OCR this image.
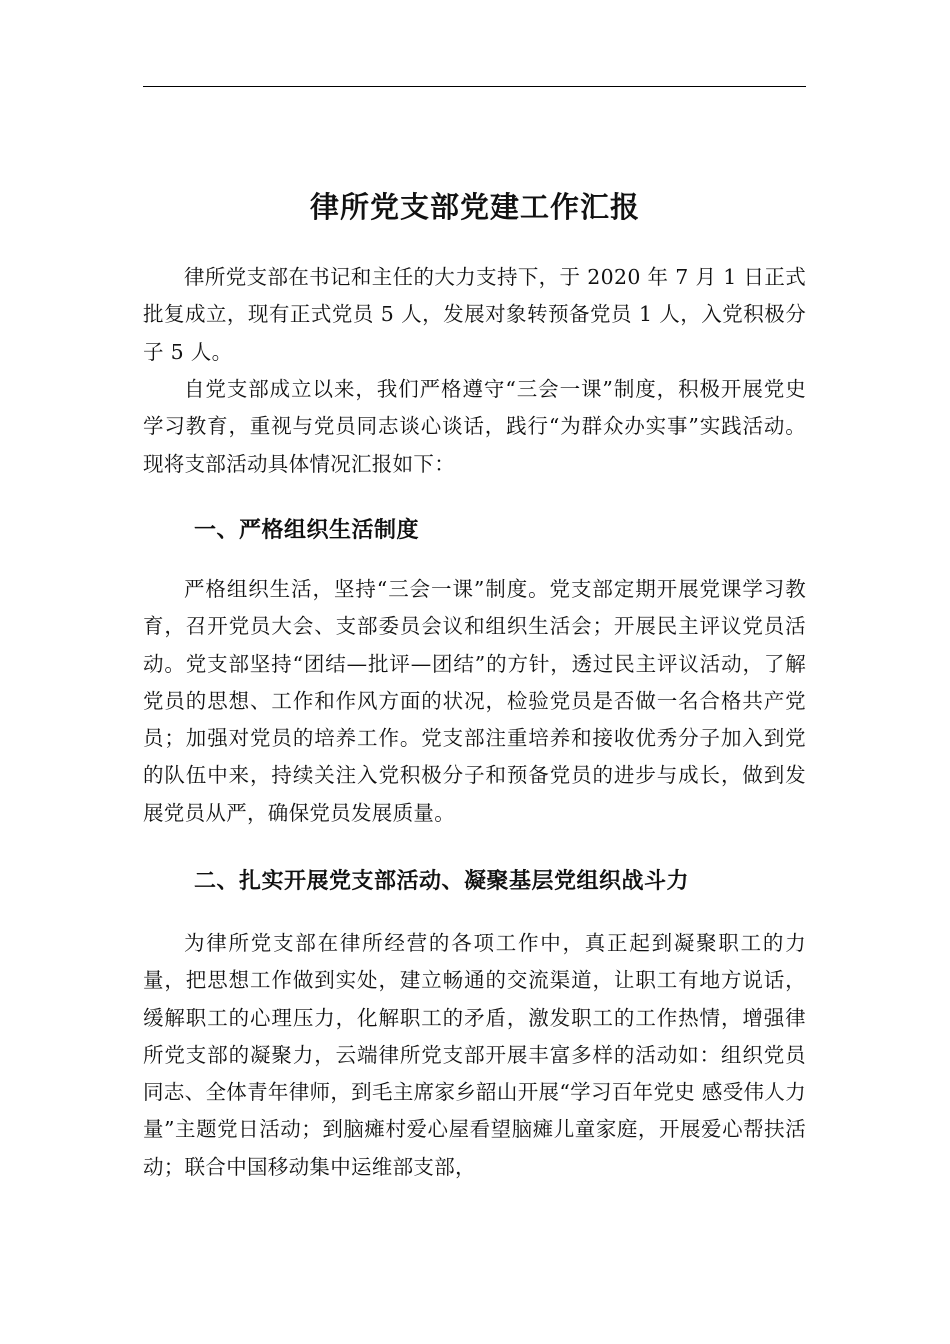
律所党支部党建工作汇报

律所党支部在书记和主任的大力支持下，于 2020 年 7 月 1 日正式批复成立，现有正式党员 5 人，发展对象转预备党员 1 人，入党积极分子 5 人。

自党支部成立以来，我们严格遵守“三会一课”制度，积极开展党史学习教育，重视与党员同志谈心谈话，践行“为群众办实事”实践活动。现将支部活动具体情况汇报如下：

一、严格组织生活制度

严格组织生活，坚持“三会一课”制度。党支部定期开展党课学习教育，召开党员大会、支部委员会议和组织生活会；开展民主评议党员活动。党支部坚持“团结—批评—团结”的方针，透过民主评议活动，了解党员的思想、工作和作风方面的状况，检验党员是否做一名合格共产党员；加强对党员的培养工作。党支部注重培养和接收优秀分子加入到党的队伍中来，持续关注入党积极分子和预备党员的进步与成长，做到发展党员从严，确保党员发展质量。

二、扎实开展党支部活动、凝聚基层党组织战斗力

为律所党支部在律所经营的各项工作中，真正起到凝聚职工的力量，把思想工作做到实处，建立畅通的交流渠道，让职工有地方说话，缓解职工的心理压力，化解职工的矛盾，激发职工的工作热情，增强律所党支部的凝聚力，云端律所党支部开展丰富多样的活动如：组织党员同志、全体青年律师，到毛主席家乡韶山开展“学习百年党史 感受伟人力量”主题党日活动；到脑瘫村爱心屋看望脑瘫儿童家庭，开展爱心帮扶活动；联合中国移动集中运维部支部，
